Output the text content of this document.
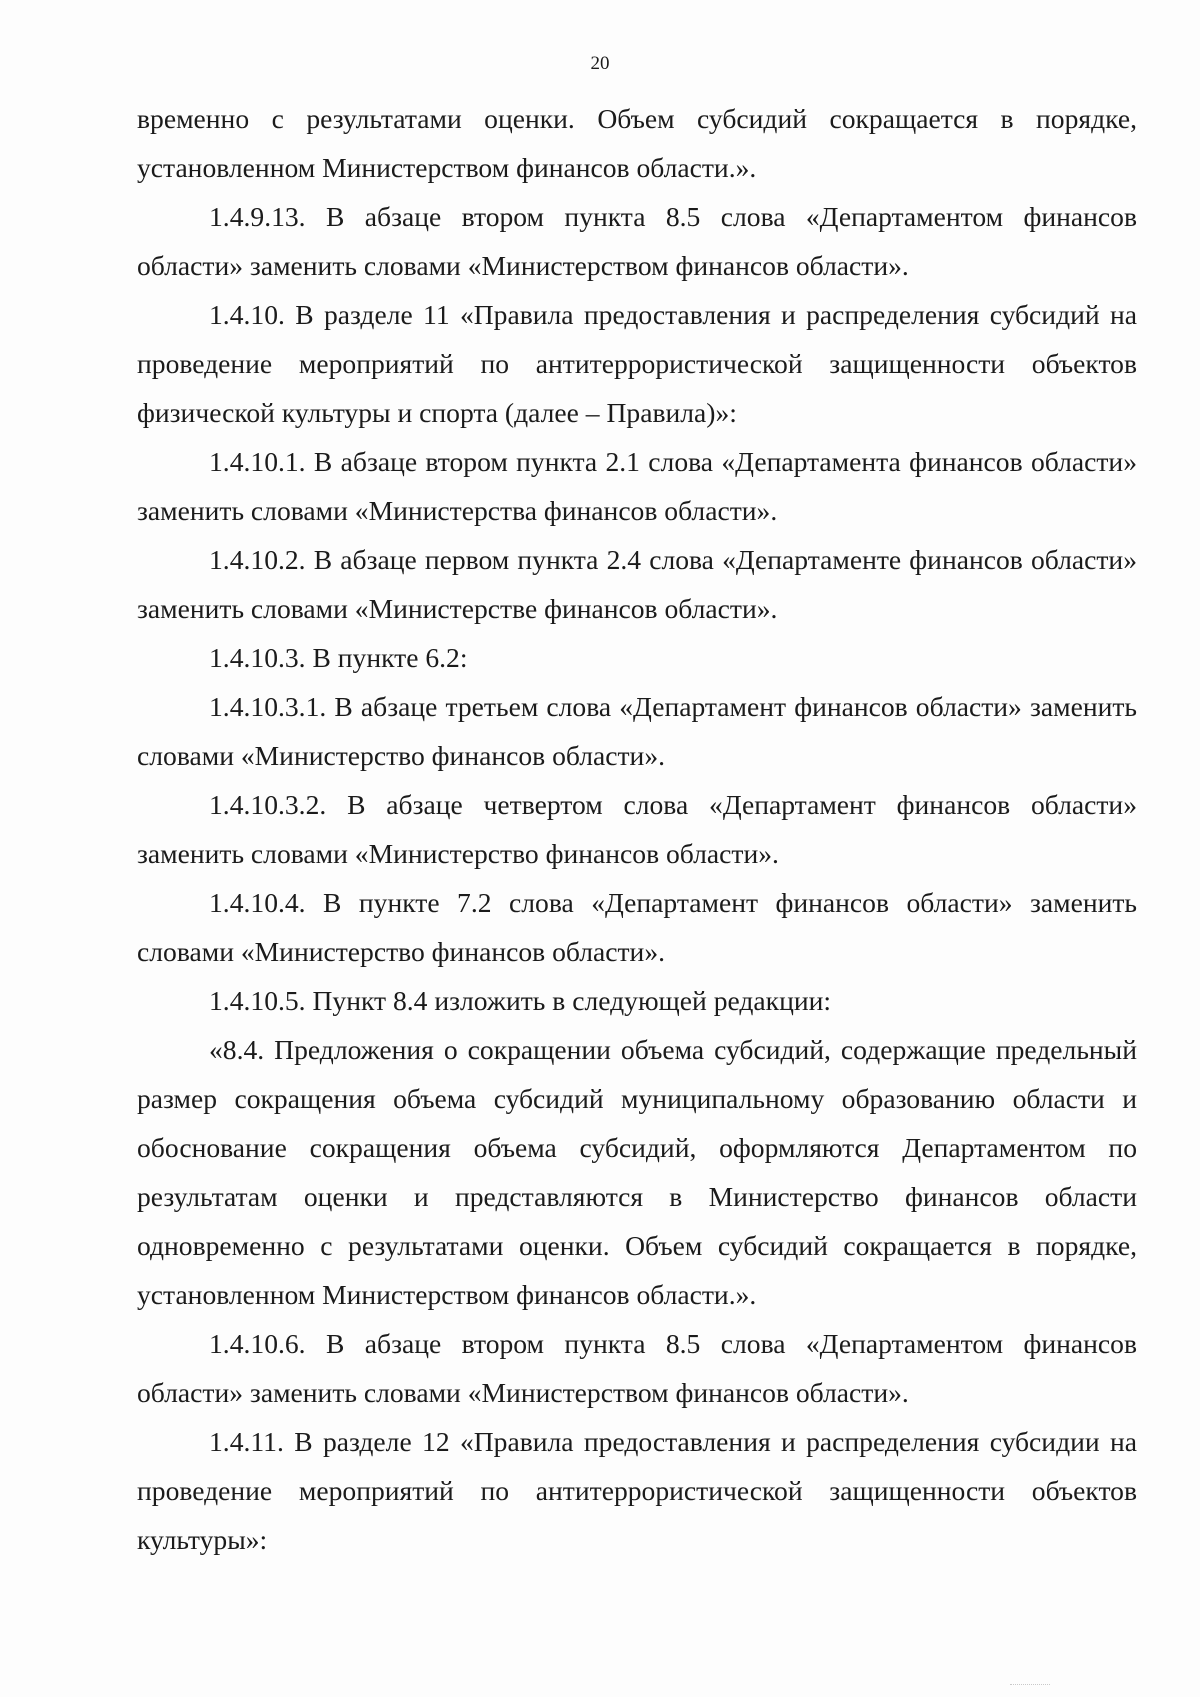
20

временно с результатами оценки. Объем субсидий сокращается в порядке, установленном Министерством финансов области.».

1.4.9.13. В абзаце втором пункта 8.5 слова «Департаментом финансов области» заменить словами «Министерством финансов области».

1.4.10. В разделе 11 «Правила предоставления и распределения субсидий на проведение мероприятий по антитеррористической защищенности объектов физической культуры и спорта (далее – Правила)»:

1.4.10.1. В абзаце втором пункта 2.1 слова «Департамента финансов области» заменить словами «Министерства финансов области».

1.4.10.2. В абзаце первом пункта 2.4 слова «Департаменте финансов области» заменить словами «Министерстве финансов области».

1.4.10.3. В пункте 6.2:

1.4.10.3.1. В абзаце третьем слова «Департамент финансов области» заменить словами «Министерство финансов области».

1.4.10.3.2. В абзаце четвертом слова «Департамент финансов области» заменить словами «Министерство финансов области».

1.4.10.4. В пункте 7.2 слова «Департамент финансов области» заменить словами «Министерство финансов области».

1.4.10.5. Пункт 8.4 изложить в следующей редакции:

«8.4. Предложения о сокращении объема субсидий, содержащие предельный размер сокращения объема субсидий муниципальному образованию области и обоснование сокращения объема субсидий, оформляются Департаментом по результатам оценки и представляются в Министерство финансов области одновременно с результатами оценки. Объем субсидий сокращается в порядке, установленном Министерством финансов области.».

1.4.10.6. В абзаце втором пункта 8.5 слова «Департаментом финансов области» заменить словами «Министерством финансов области».

1.4.11. В разделе 12 «Правила предоставления и распределения субсидии на проведение мероприятий по антитеррористической защищенности объектов культуры»:
